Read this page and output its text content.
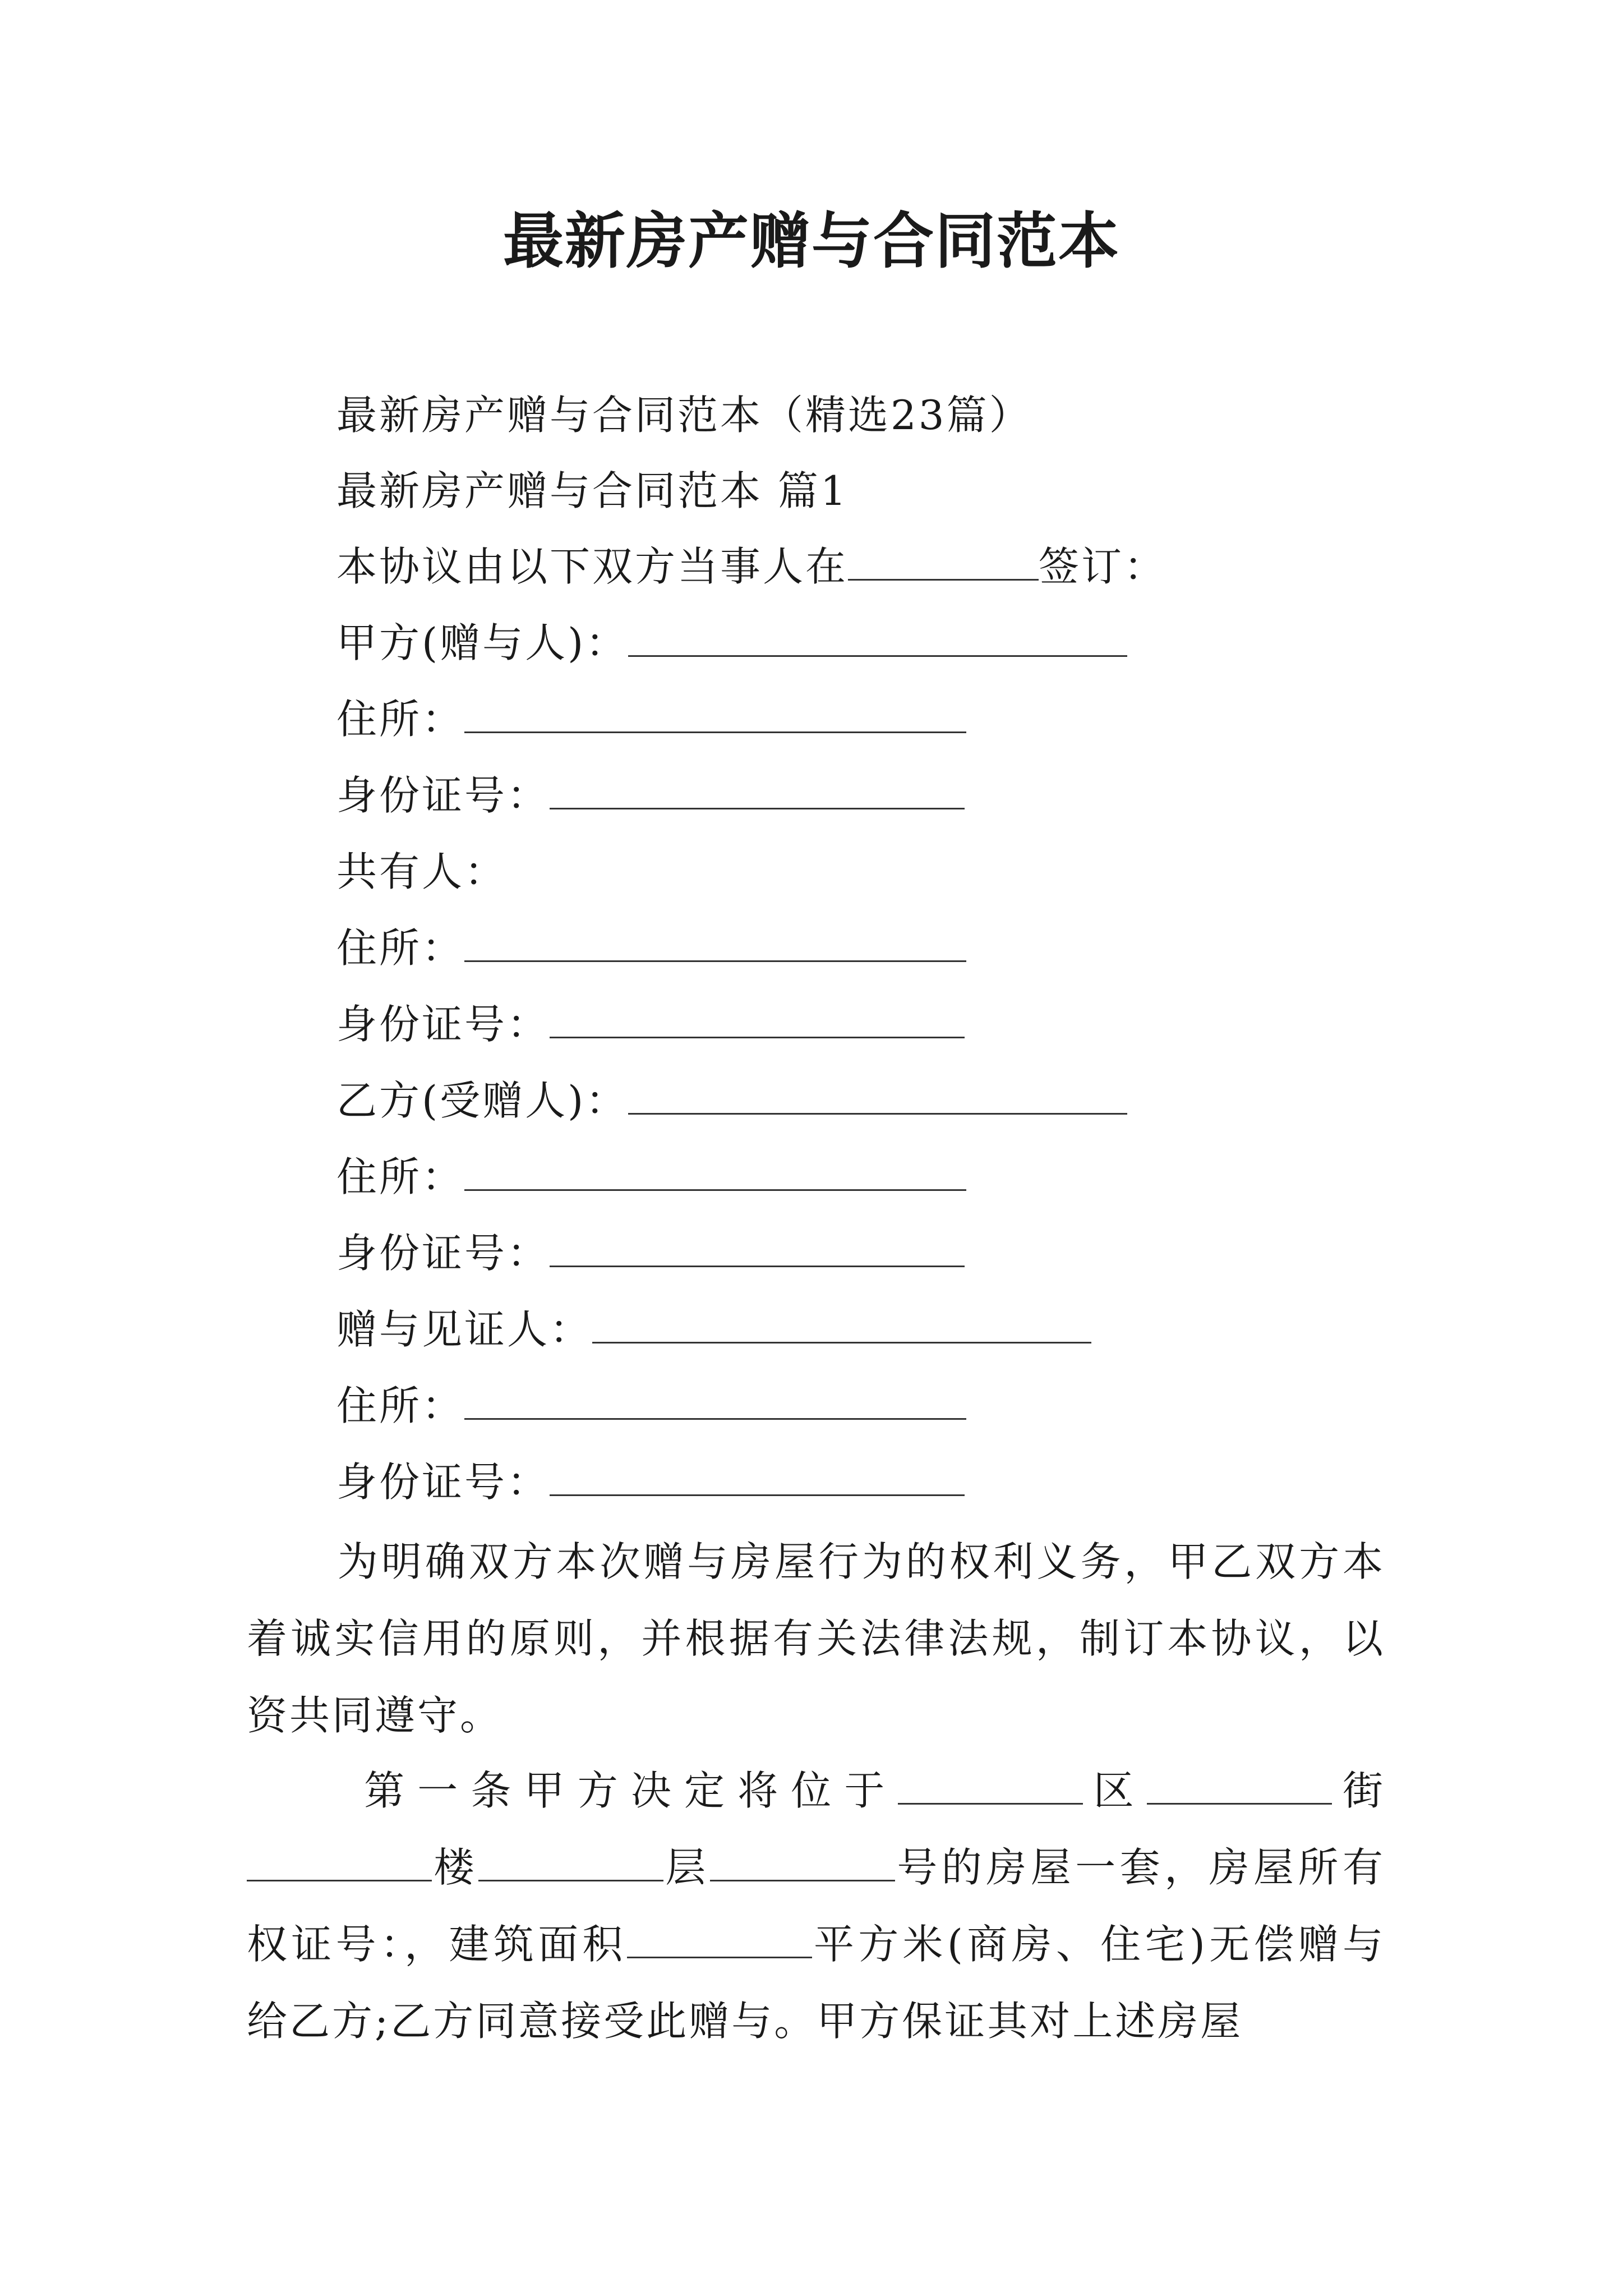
最新房产赠与合同范本
最新房产赠与合同范本（精选23篇）
最新房产赠与合同范本 篇1
本协议由以下双方当事人在	签订：
甲方(赠与人)：
住所：
身份证号：
共有人：
住所：
身份证号：
乙方(受赠人)：
住所：
身份证号：
赠与见证人：
住所：
身份证号：
为明确双方本次赠与房屋行为的权利义务，甲乙双方本着诚实信用的原则，并根据有关法律法规，制订本协议，以资共同遵守。
第一条甲方决定将位于	区	街楼	层	号的房屋一套，房屋所有权证号：，建筑面积	平方米(商房、住宅)无偿赠与给乙方;乙方同意接受此赠与。甲方保证其对上述房屋
